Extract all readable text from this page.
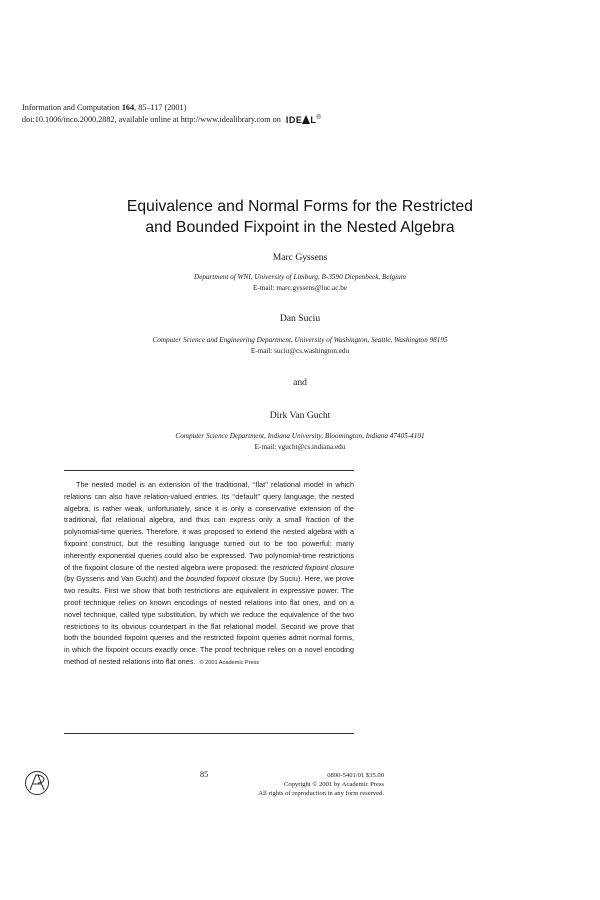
Information and Computation 164, 85–117 (2001)
doi:10.1006/inco.2000.2882, available online at http://www.idealibrary.com on IDE L®
Equivalence and Normal Forms for the Restricted
and Bounded Fixpoint in the Nested Algebra
Marc Gyssens
Department of WNI, University of Limburg, B-3590 Diepenbeek, Belgium
E-mail: marc.gyssens@luc.ac.be
Dan Suciu
Computer Science and Engineering Department, University of Washington, Seattle, Washington 98195
E-mail: suciu@cs.washington.edu
and
Dirk Van Gucht
Computer Science Department, Indiana University, Bloomington, Indiana 47405-4101
E-mail: vgucht@cs.indiana.edu

The nested model is an extension of the traditional, ‘‘flat’’ relational model in which relations can also have relation-valued entries. Its ‘‘default’’ query language, the nested algebra, is rather weak, unfortunately, since it is only a conservative extension of the traditional, flat relational algebra, and thus can express only a small fraction of the polynomial-time queries. Therefore, it was proposed to extend the nested algebra with a fixpoint construct, but the resulting language turned out to be too powerful: many inherently exponential queries could also be expressed. Two polynomial-time restrictions of the fixpoint closure of the nested algebra were proposed: the restricted fixpoint closure (by Gyssens and Van Gucht) and the bounded fixpoint closure (by Suciu). Here, we prove two results. First we show that both restrictions are equivalent in expressive power. The proof technique relies on known encodings of nested relations into flat ones, and on a novel technique, called type substitution, by which we reduce the equivalence of the two restrictions to its obvious counterpart in the flat relational model. Second we prove that both the bounded fixpoint queries and the restricted fixpoint queries admit normal forms, in which the fixpoint occurs exactly once. The proof technique relies on a novel encoding method of nested relations into flat ones. © 2001 Academic Press

85	0890-5401/01 $35.00
Copyright © 2001 by Academic Press
All rights of reproduction in any form reserved.
